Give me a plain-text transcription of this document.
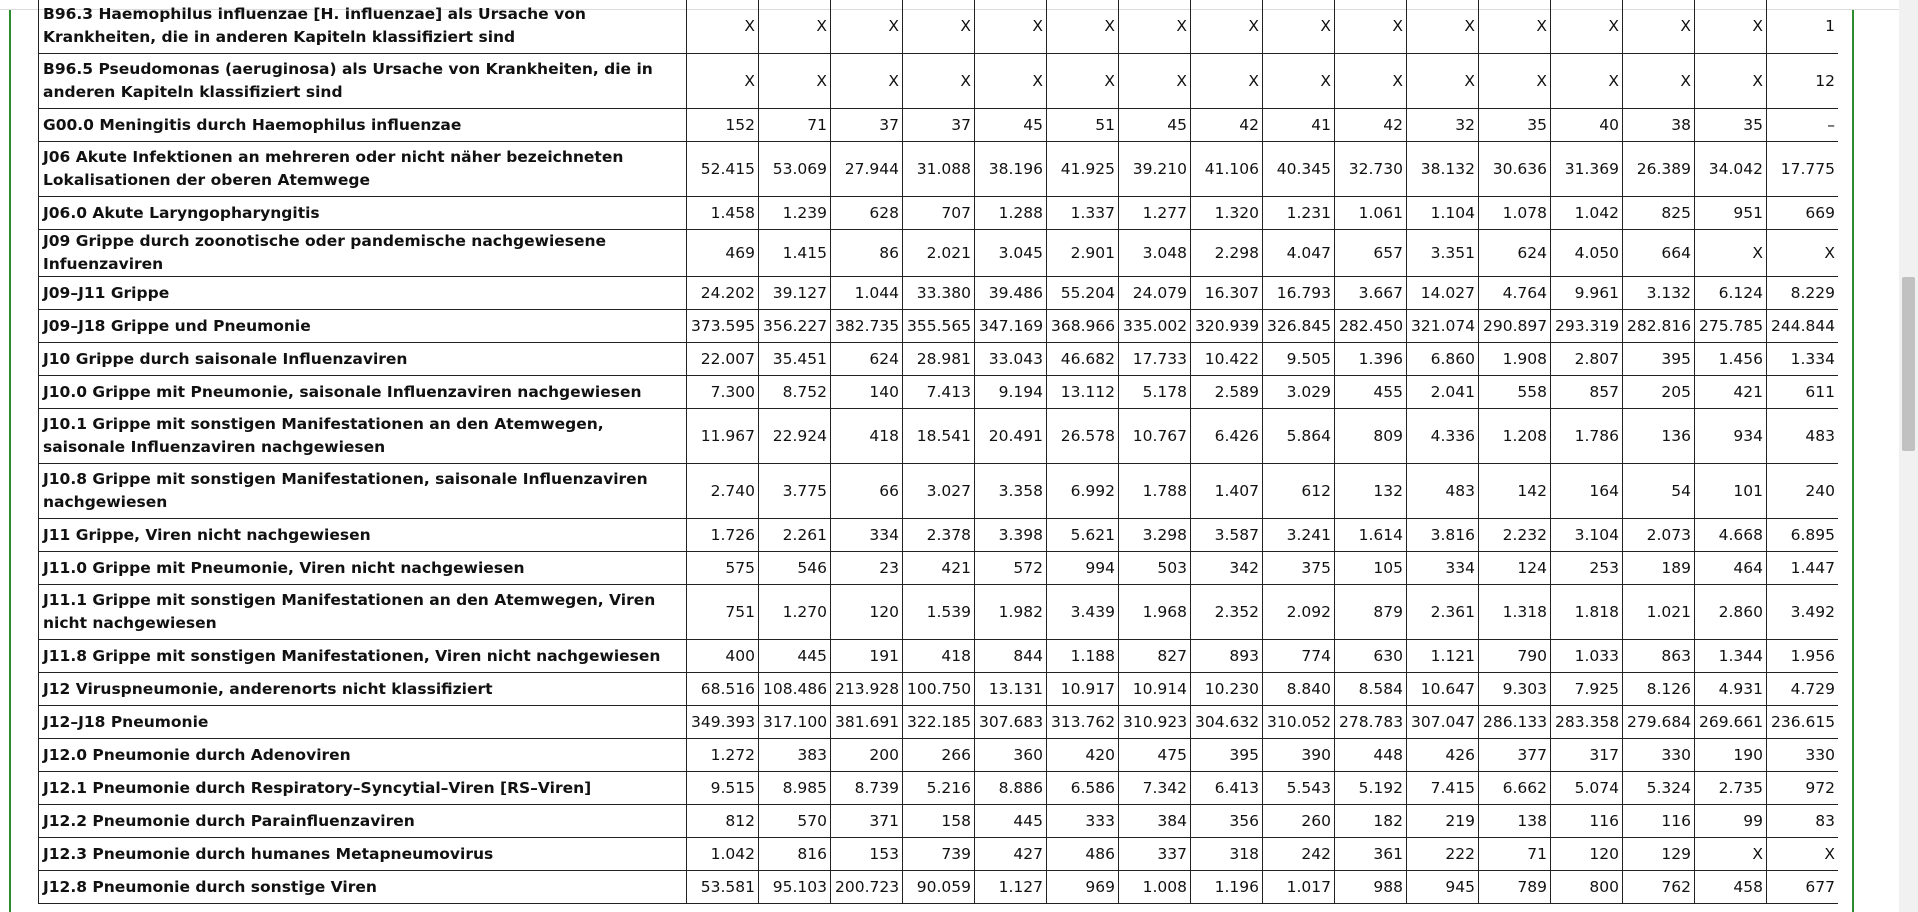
B96.3 Haemophilus influenzae [H. influenzae] als Ursache von Krankheiten, die in anderen Kapiteln klassifiziert sind	X	X	X	X	X	X	X	X	X	X	X	X	X	X	X	1
B96.5 Pseudomonas (aeruginosa) als Ursache von Krankheiten, die in anderen Kapiteln klassifiziert sind	X	X	X	X	X	X	X	X	X	X	X	X	X	X	X	12
G00.0 Meningitis durch Haemophilus influenzae	152	71	37	37	45	51	45	42	41	42	32	35	40	38	35	–
J06 Akute Infektionen an mehreren oder nicht näher bezeichneten Lokalisationen der oberen Atemwege	52.415	53.069	27.944	31.088	38.196	41.925	39.210	41.106	40.345	32.730	38.132	30.636	31.369	26.389	34.042	17.775
J06.0 Akute Laryngopharyngitis	1.458	1.239	628	707	1.288	1.337	1.277	1.320	1.231	1.061	1.104	1.078	1.042	825	951	669
J09 Grippe durch zoonotische oder pandemische nachgewiesene Infuenzaviren	469	1.415	86	2.021	3.045	2.901	3.048	2.298	4.047	657	3.351	624	4.050	664	X	X
J09–J11 Grippe	24.202	39.127	1.044	33.380	39.486	55.204	24.079	16.307	16.793	3.667	14.027	4.764	9.961	3.132	6.124	8.229
J09–J18 Grippe und Pneumonie	373.595	356.227	382.735	355.565	347.169	368.966	335.002	320.939	326.845	282.450	321.074	290.897	293.319	282.816	275.785	244.844
J10 Grippe durch saisonale Influenzaviren	22.007	35.451	624	28.981	33.043	46.682	17.733	10.422	9.505	1.396	6.860	1.908	2.807	395	1.456	1.334
J10.0 Grippe mit Pneumonie, saisonale Influenzaviren nachgewiesen	7.300	8.752	140	7.413	9.194	13.112	5.178	2.589	3.029	455	2.041	558	857	205	421	611
J10.1 Grippe mit sonstigen Manifestationen an den Atemwegen, saisonale Influenzaviren nachgewiesen	11.967	22.924	418	18.541	20.491	26.578	10.767	6.426	5.864	809	4.336	1.208	1.786	136	934	483
J10.8 Grippe mit sonstigen Manifestationen, saisonale Influenzaviren nachgewiesen	2.740	3.775	66	3.027	3.358	6.992	1.788	1.407	612	132	483	142	164	54	101	240
J11 Grippe, Viren nicht nachgewiesen	1.726	2.261	334	2.378	3.398	5.621	3.298	3.587	3.241	1.614	3.816	2.232	3.104	2.073	4.668	6.895
J11.0 Grippe mit Pneumonie, Viren nicht nachgewiesen	575	546	23	421	572	994	503	342	375	105	334	124	253	189	464	1.447
J11.1 Grippe mit sonstigen Manifestationen an den Atemwegen, Viren nicht nachgewiesen	751	1.270	120	1.539	1.982	3.439	1.968	2.352	2.092	879	2.361	1.318	1.818	1.021	2.860	3.492
J11.8 Grippe mit sonstigen Manifestationen, Viren nicht nachgewiesen	400	445	191	418	844	1.188	827	893	774	630	1.121	790	1.033	863	1.344	1.956
J12 Viruspneumonie, anderenorts nicht klassifiziert	68.516	108.486	213.928	100.750	13.131	10.917	10.914	10.230	8.840	8.584	10.647	9.303	7.925	8.126	4.931	4.729
J12–J18 Pneumonie	349.393	317.100	381.691	322.185	307.683	313.762	310.923	304.632	310.052	278.783	307.047	286.133	283.358	279.684	269.661	236.615
J12.0 Pneumonie durch Adenoviren	1.272	383	200	266	360	420	475	395	390	448	426	377	317	330	190	330
J12.1 Pneumonie durch Respiratory–Syncytial–Viren [RS–Viren]	9.515	8.985	8.739	5.216	8.886	6.586	7.342	6.413	5.543	5.192	7.415	6.662	5.074	5.324	2.735	972
J12.2 Pneumonie durch Parainfluenzaviren	812	570	371	158	445	333	384	356	260	182	219	138	116	116	99	83
J12.3 Pneumonie durch humanes Metapneumovirus	1.042	816	153	739	427	486	337	318	242	361	222	71	120	129	X	X
J12.8 Pneumonie durch sonstige Viren	53.581	95.103	200.723	90.059	1.127	969	1.008	1.196	1.017	988	945	789	800	762	458	677
